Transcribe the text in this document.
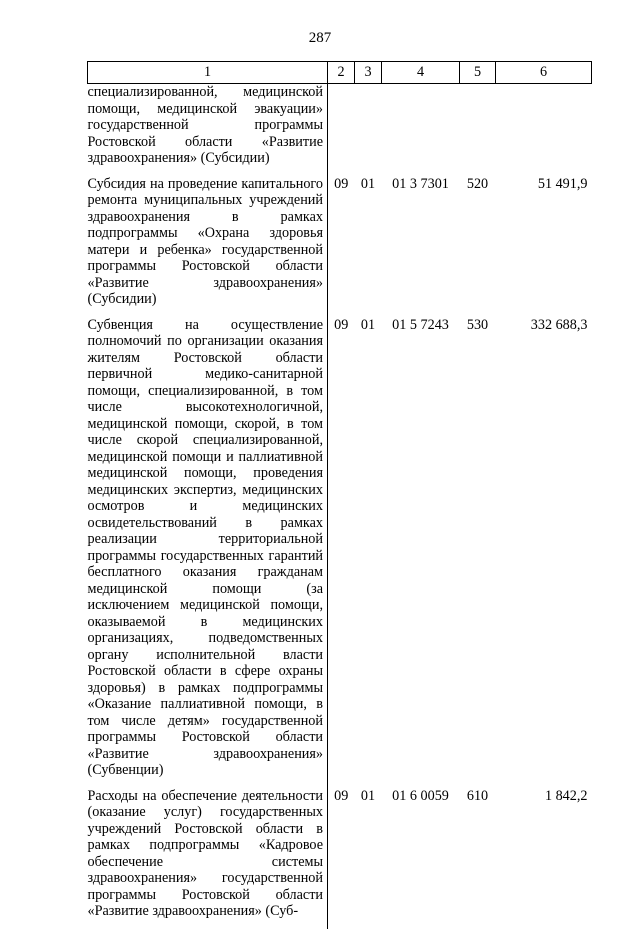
287
1	2	3	4	5	6
специализированной, медицинской помощи, медицинской эвакуации» государственной программы Ростовской области «Развитие здравоохранения» (Субсидии)					
Субсидия на проведение капитального ремонта муниципальных учреждений здравоохранения в рамках подпрограммы «Охрана здоровья матери и ребенка» государственной программы Ростовской области «Развитие здравоохранения» (Субсидии)	09	01	01 3 7301	520	51 491,9
Субвенция на осуществление полномочий по организации оказания жителям Ростовской области первичной медико-санитарной помощи, специализированной, в том числе высокотехнологичной, медицинской помощи, скорой, в том числе скорой специализированной, медицинской помощи и паллиативной медицинской помощи, проведения медицинских экспертиз, медицинских осмотров и медицинских освидетельствований в рамках реализации территориальной программы государственных гарантий бесплатного оказания гражданам медицинской помощи (за исключением медицинской помощи, оказываемой в медицинских организациях, подведомственных органу исполнительной власти Ростовской области в сфере охраны здоровья) в рамках подпрограммы «Оказание паллиативной помощи, в том числе детям» государственной программы Ростовской области «Развитие здравоохранения» (Субвенции)	09	01	01 5 7243	530	332 688,3
Расходы на обеспечение деятельности (оказание услуг) государственных учреждений Ростовской области в рамках подпрограммы «Кадровое обеспечение системы здравоохранения» государственной программы Ростовской области «Развитие здравоохранения» (Суб-	09	01	01 6 0059	610	1 842,2
